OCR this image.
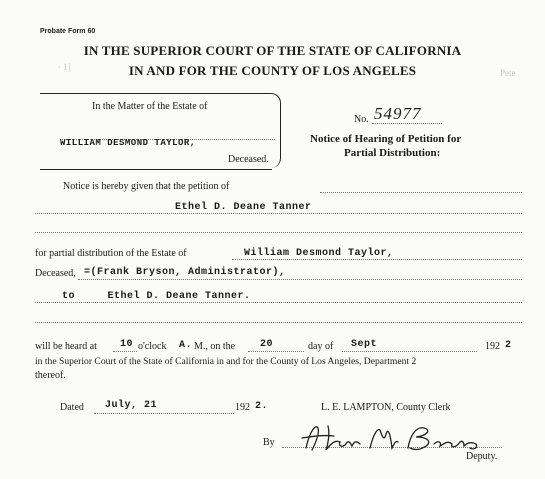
Pete
· 1]
Probate Form 60
IN THE SUPERIOR COURT OF THE STATE OF CALIFORNIA
IN AND FOR THE COUNTY OF LOS ANGELES
In the Matter of the Estate of
WILLIAM DESMOND TAYLOR,
Deceased.
No. 54977
Notice of Hearing of Petition for
Partial Distribution:
Notice is hereby given that the petition of
Ethel D. Deane Tanner
for partial distribution of the Estate of	William Desmond Taylor,
Deceased, =(Frank Bryson, Administrator),
to     Ethel D. Deane Tanner.
will be heard at 10 o'clock A. M., on the 20	day of Sept	192 2
in the Superior Court of the State of California in and for the County of Los Angeles, Department 2
thereof.
Dated July, 21	192 2.	L. E. LAMPTON, County Clerk
By
Helen M. Beers
Deputy.
